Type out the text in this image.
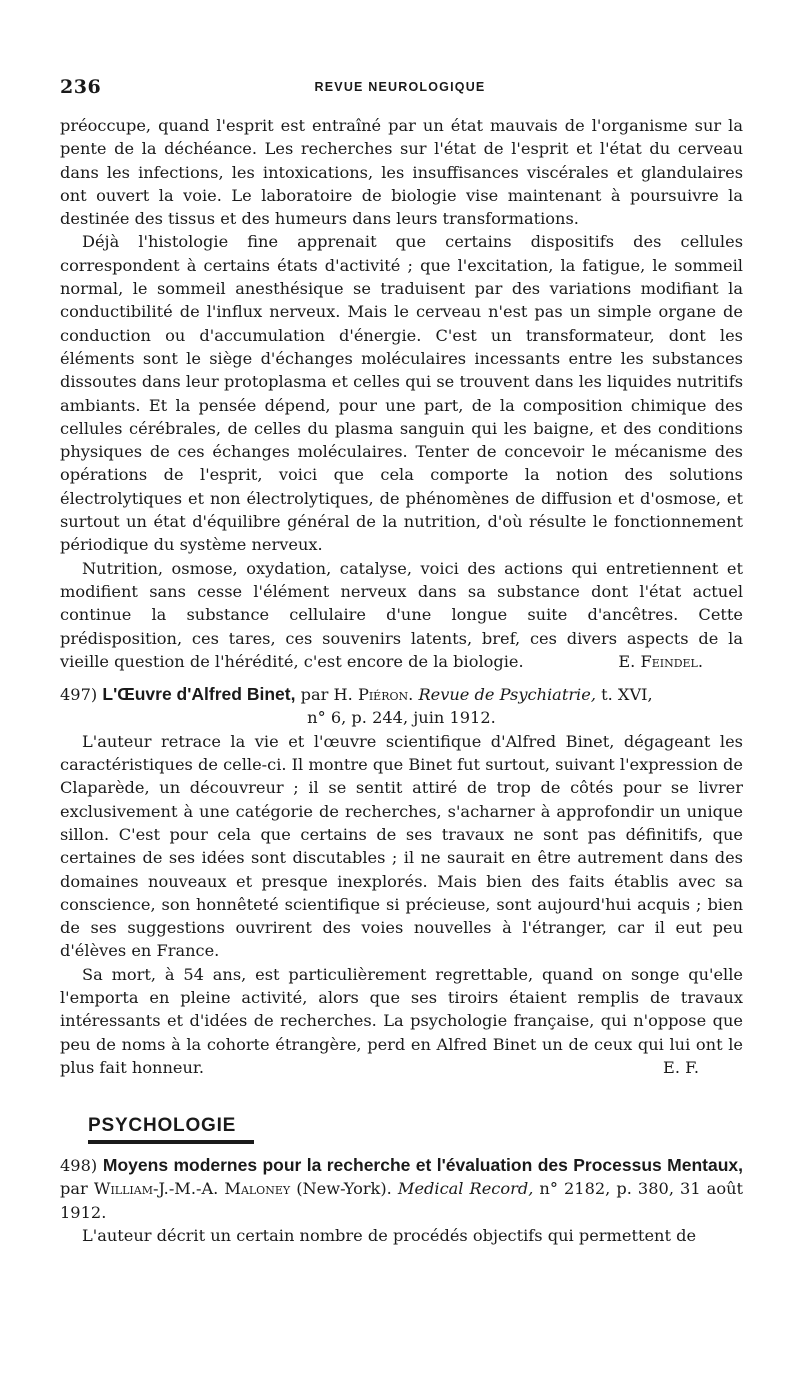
236	REVUE NEUROLOGIQUE

préoccupe, quand l'esprit est entraîné par un état mauvais de l'organisme sur la pente de la déchéance. Les recherches sur l'état de l'esprit et l'état du cerveau dans les infections, les intoxications, les insuffisances viscérales et glandulaires ont ouvert la voie. Le laboratoire de biologie vise maintenant à poursuivre la destinée des tissus et des humeurs dans leurs transformations.

Déjà l'histologie fine apprenait que certains dispositifs des cellules correspondent à certains états d'activité ; que l'excitation, la fatigue, le sommeil normal, le sommeil anesthésique se traduisent par des variations modifiant la conductibilité de l'influx nerveux. Mais le cerveau n'est pas un simple organe de conduction ou d'accumulation d'énergie. C'est un transformateur, dont les éléments sont le siège d'échanges moléculaires incessants entre les substances dissoutes dans leur protoplasma et celles qui se trouvent dans les liquides nutritifs ambiants. Et la pensée dépend, pour une part, de la composition chimique des cellules cérébrales, de celles du plasma sanguin qui les baigne, et des conditions physiques de ces échanges moléculaires. Tenter de concevoir le mécanisme des opérations de l'esprit, voici que cela comporte la notion des solutions électrolytiques et non électrolytiques, de phénomènes de diffusion et d'osmose, et surtout un état d'équilibre général de la nutrition, d'où résulte le fonctionnement périodique du système nerveux.

Nutrition, osmose, oxydation, catalyse, voici des actions qui entretiennent et modifient sans cesse l'élément nerveux dans sa substance dont l'état actuel continue la substance cellulaire d'une longue suite d'ancêtres. Cette prédisposition, ces tares, ces souvenirs latents, bref, ces divers aspects de la vieille question de l'hérédité, c'est encore de la biologie.	E. Feindel.

497) L'Œuvre d'Alfred Binet, par H. Piéron. Revue de Psychiatrie, t. XVI,
n° 6, p. 244, juin 1912.

L'auteur retrace la vie et l'œuvre scientifique d'Alfred Binet, dégageant les caractéristiques de celle-ci. Il montre que Binet fut surtout, suivant l'expression de Claparède, un découvreur ; il se sentit attiré de trop de côtés pour se livrer exclusivement à une catégorie de recherches, s'acharner à approfondir un unique sillon. C'est pour cela que certains de ses travaux ne sont pas définitifs, que certaines de ses idées sont discutables ; il ne saurait en être autrement dans des domaines nouveaux et presque inexplorés. Mais bien des faits établis avec sa conscience, son honnêteté scientifique si précieuse, sont aujourd'hui acquis ; bien de ses suggestions ouvrirent des voies nouvelles à l'étranger, car il eut peu d'élèves en France.

Sa mort, à 54 ans, est particulièrement regrettable, quand on songe qu'elle l'emporta en pleine activité, alors que ses tiroirs étaient remplis de travaux intéressants et d'idées de recherches. La psychologie française, qui n'oppose que peu de noms à la cohorte étrangère, perd en Alfred Binet un de ceux qui lui ont le plus fait honneur.	E. F.

PSYCHOLOGIE
498) Moyens modernes pour la recherche et l'évaluation des Processus Mentaux, par William-J.-M.-A. Maloney (New-York). Medical Record, n° 2182, p. 380, 31 août 1912.

L'auteur décrit un certain nombre de procédés objectifs qui permettent de
